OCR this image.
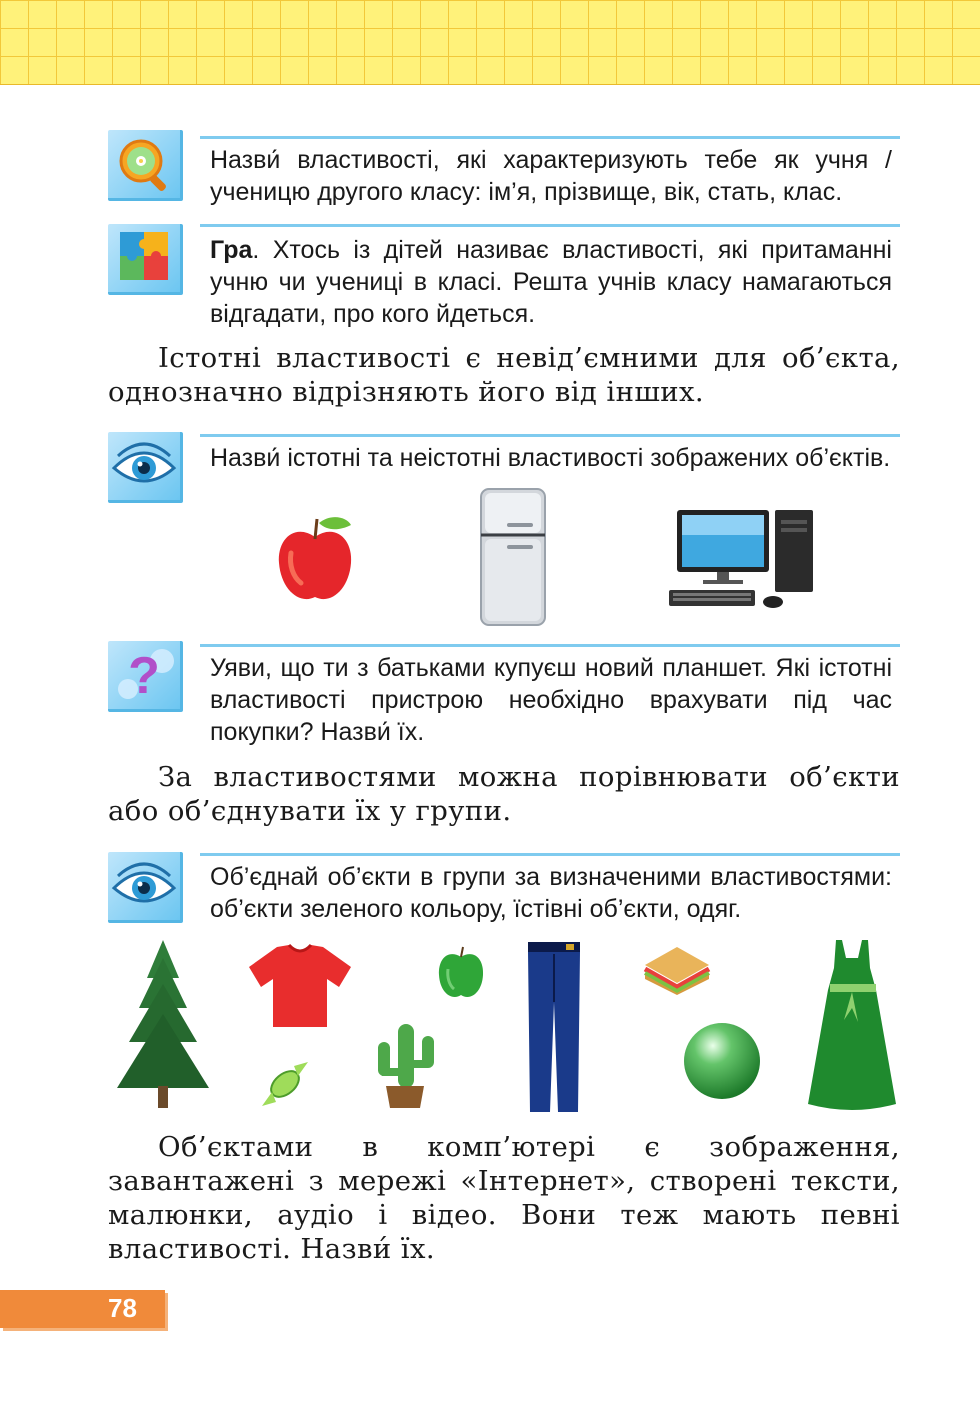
Назви́ властивості, які характеризують тебе як учня / ученицю другого класу: ім’я, прізвище, вік, стать, клас.
Гра. Хтось із дітей називає властивості, які притаманні учню чи учениці в класі. Решта учнів класу намагаються відгадати, про кого йдеться.
Істотні властивості є невід’ємними для об’єкта, однозначно відрізняють його від інших.
Назви́ істотні та неістотні властивості зображених об’єктів.
? Уяви, що ти з батьками купуєш новий планшет. Які істотні властивості пристрою необхідно врахувати під час покупки? Назви́ їх.
За властивостями можна порівнювати об’єкти або об’єднувати їх у групи.
Об’єднай об’єкти в групи за визначеними властивостями: об’єкти зеленого кольору, їстівні об’єкти, одяг.
Об’єктами в комп’ютері є зображення, завантажені з мережі «Інтернет», створені тексти, малюнки, аудіо і відео. Вони теж мають певні властивості. Назви́ їх.
78
